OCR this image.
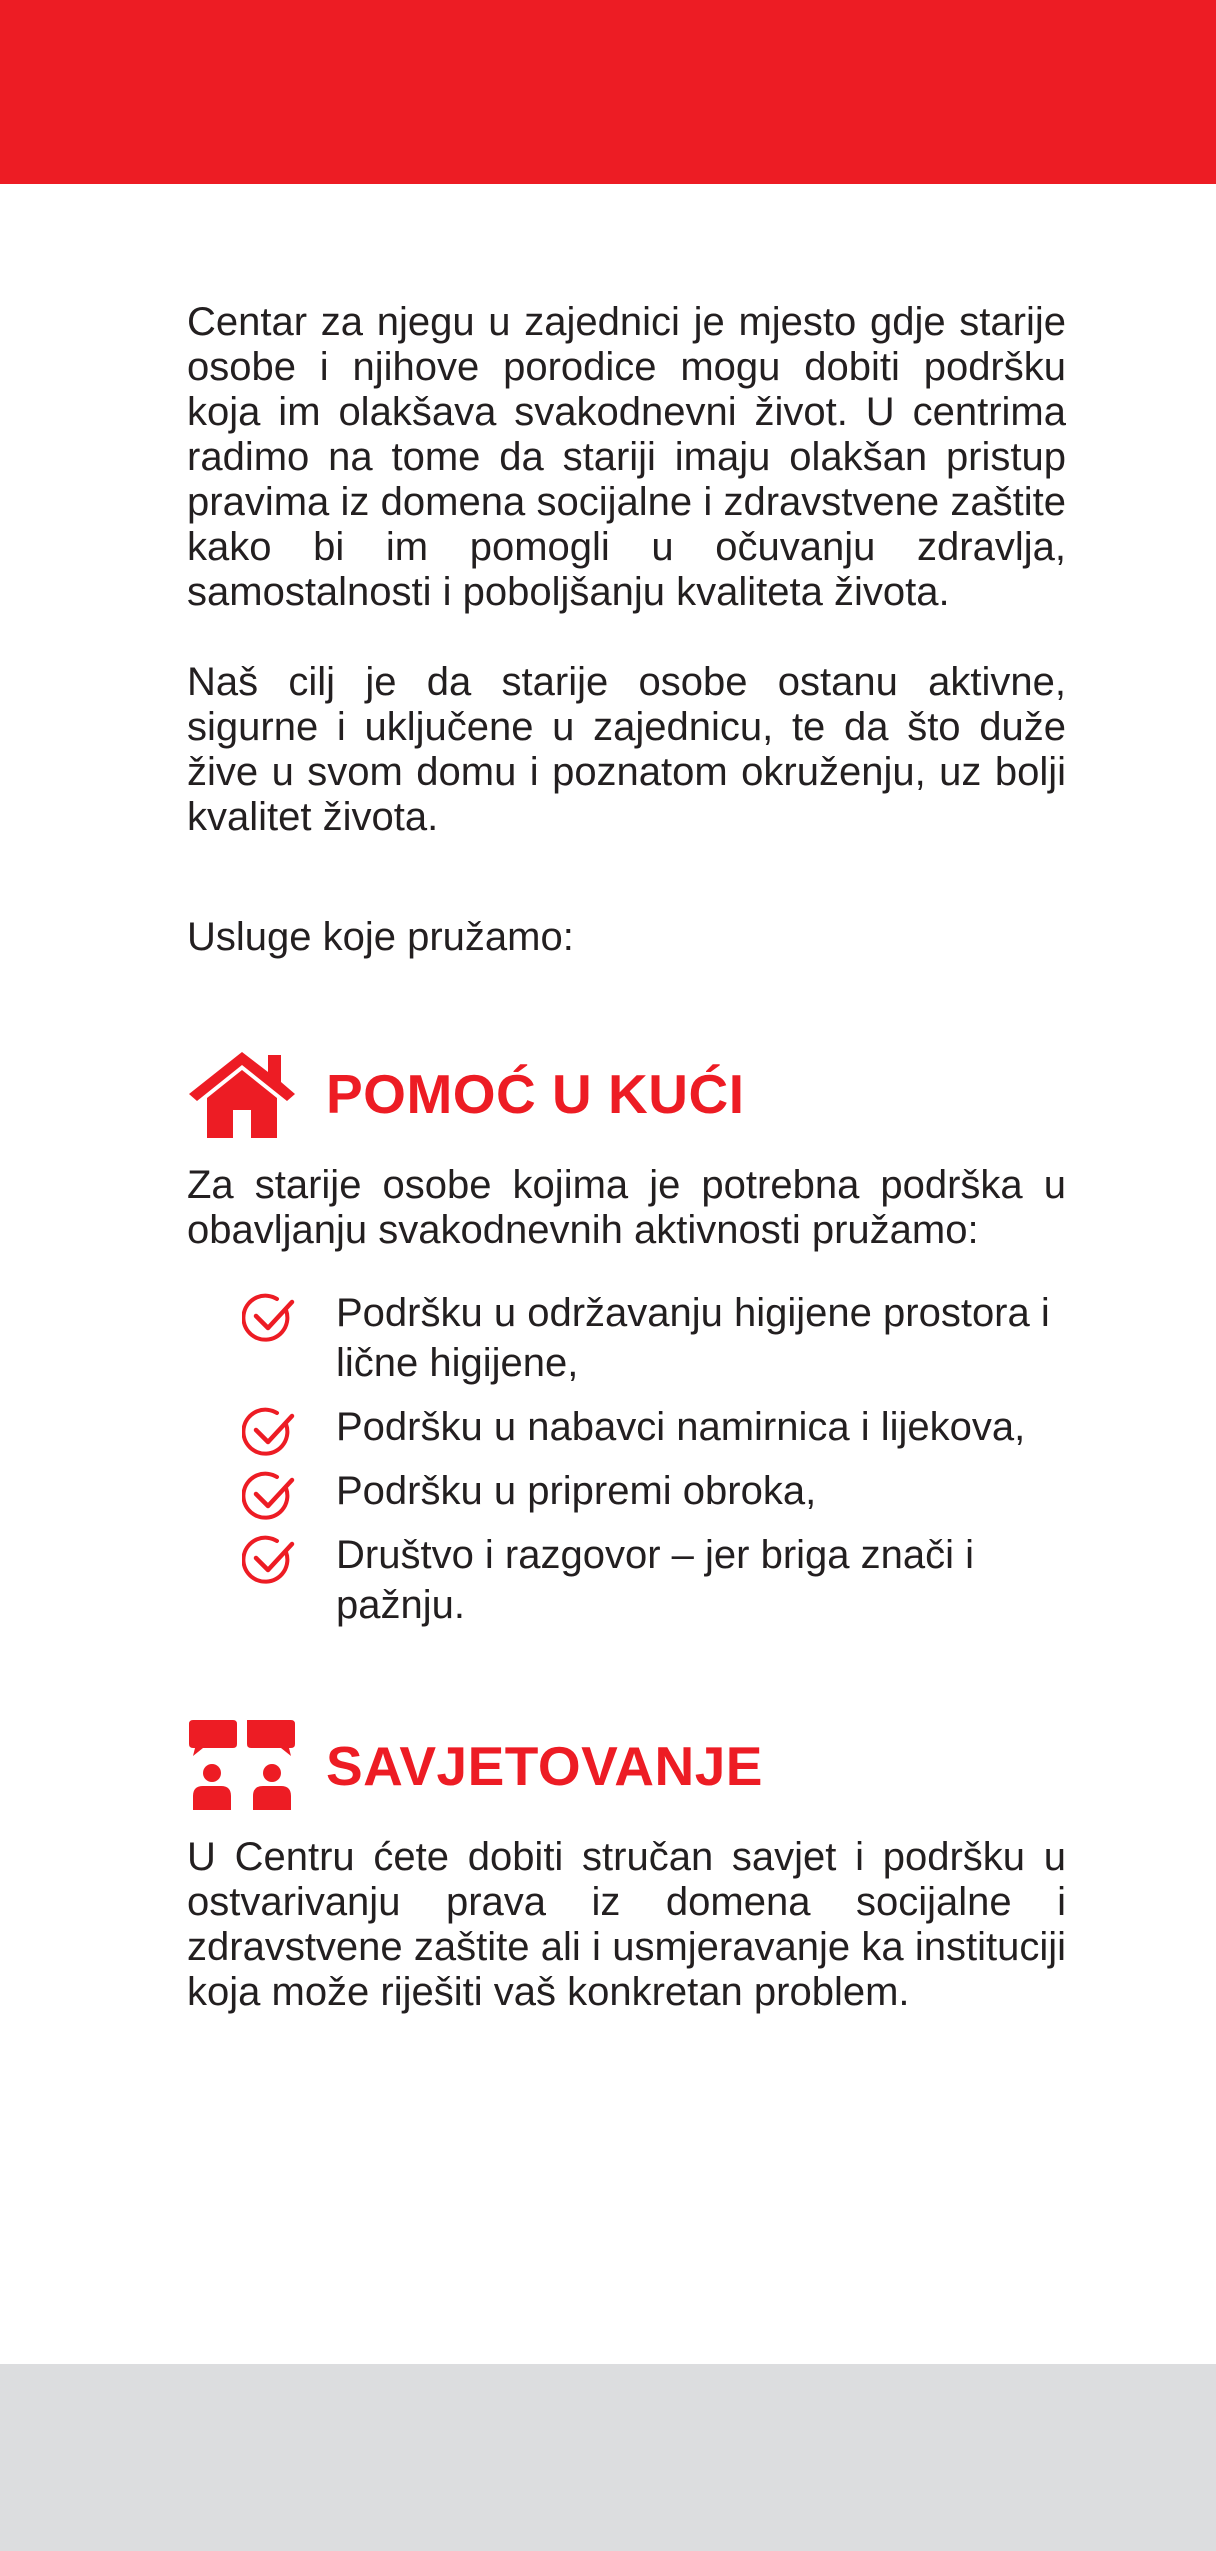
Centar za njegu u zajednici je mjesto gdje starije osobe i njihove porodice mogu dobiti podršku koja im olakšava svakodnevni život. U centrima radimo na tome da stariji imaju olakšan pristup pravima iz domena socijalne i zdravstvene zaštite kako bi im pomogli u očuvanju zdravlja, samostalnosti i poboljšanju kvaliteta života.

Naš cilj je da starije osobe ostanu aktivne, sigurne i uključene u zajednicu, te da što duže žive u svom domu i poznatom okruženju, uz bolji kvalitet života.

Usluge koje pružamo:

POMOĆ U KUĆI

Za starije osobe kojima je potrebna podrška u obavljanju svakodnevnih aktivnosti pružamo:

Podršku u održavanju higijene prostora i lične higijene,
Podršku u nabavci namirnica i lijekova,
Podršku u pripremi obroka,
Društvo i razgovor – jer briga znači i pažnju.
SAVJETOVANJE

U Centru ćete dobiti stručan savjet i podršku u ostvarivanju prava iz domena socijalne i zdravstvene zaštite ali i usmjeravanje ka instituciji koja može riješiti vaš konkretan problem.
